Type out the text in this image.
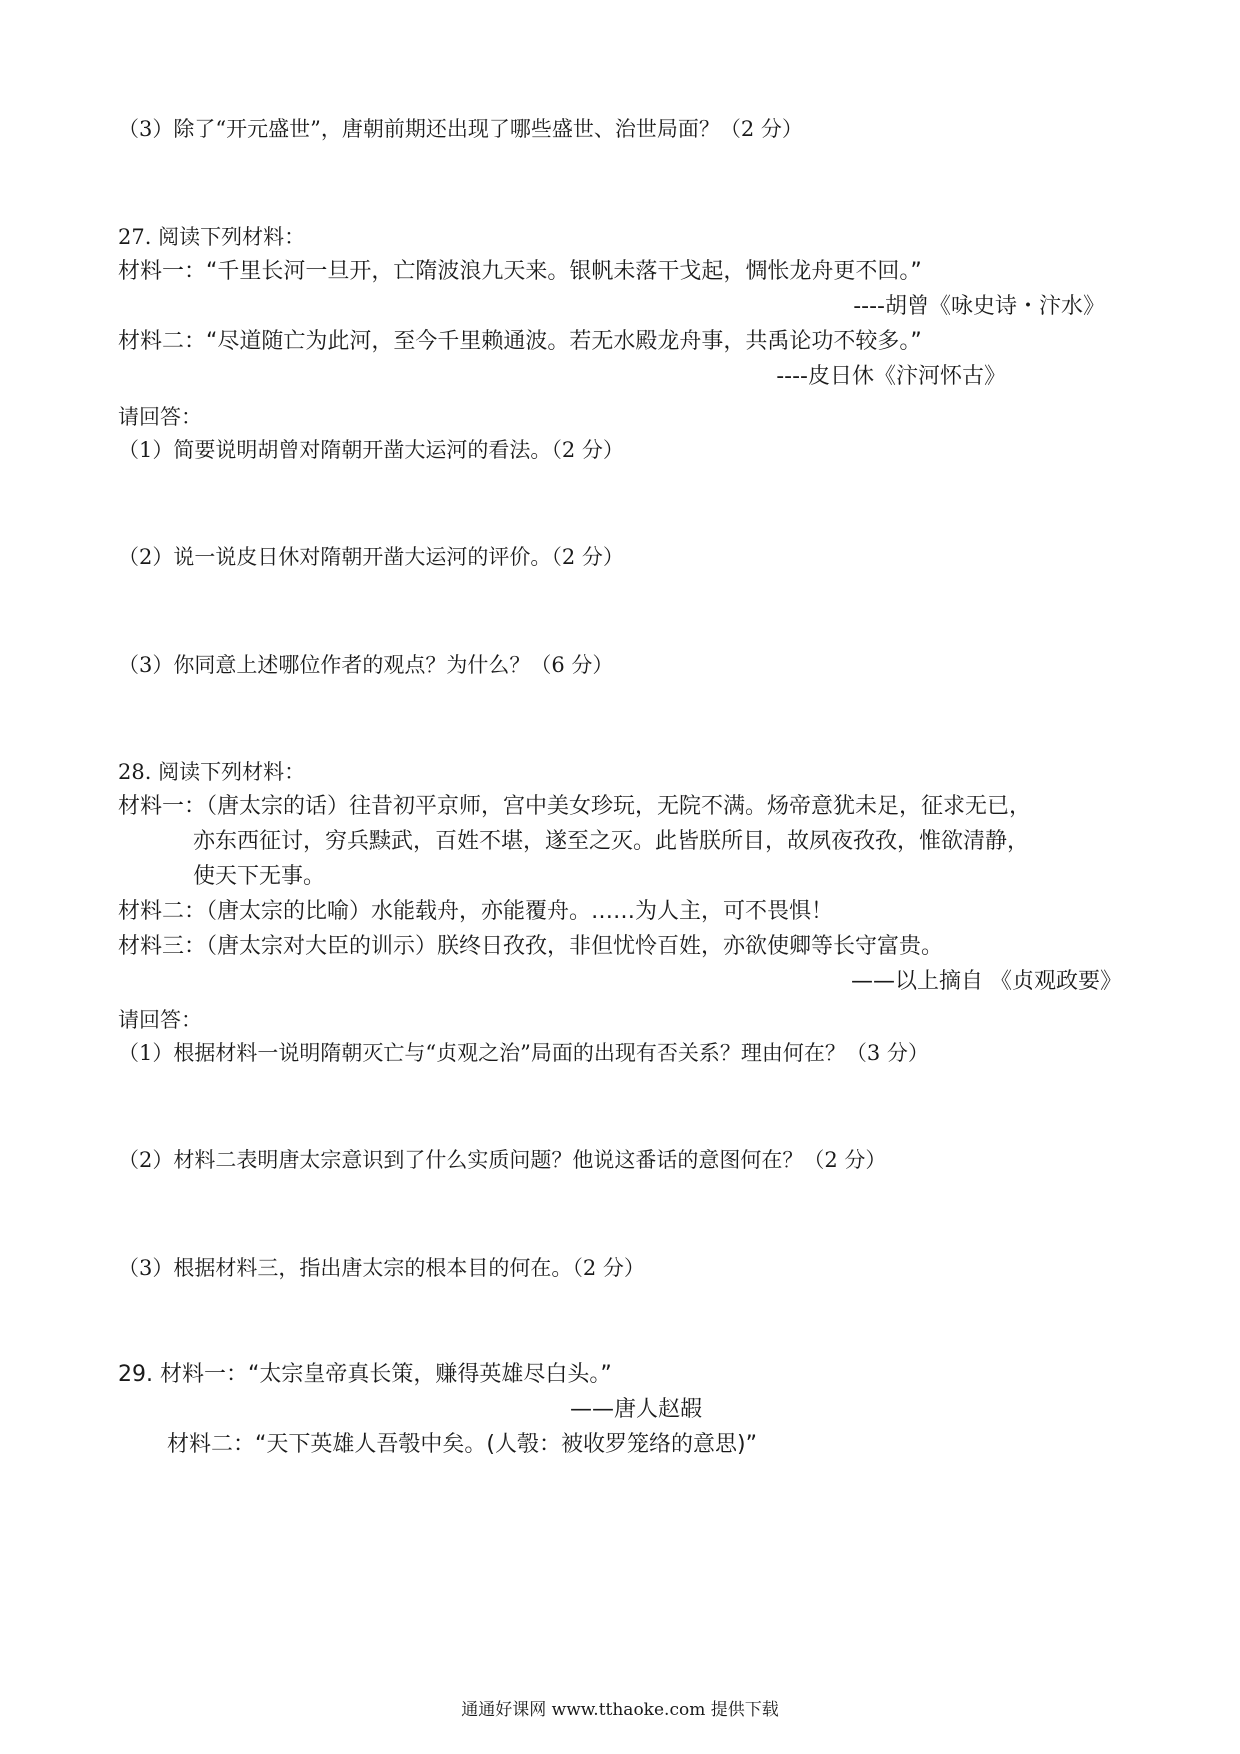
（3）除了“开元盛世”，唐朝前期还出现了哪些盛世、治世局面？（2 分）
27. 阅读下列材料：
材料一：“千里长河一旦开，亡隋波浪九天来。银帆未落干戈起，惆怅龙舟更不回。”
----胡曾《咏史诗・汴水》
材料二：“尽道随亡为此河，至今千里赖通波。若无水殿龙舟事，共禹论功不较多。”
----皮日休《汴河怀古》
请回答：
（1）简要说明胡曾对隋朝开凿大运河的看法。（2 分）
（2）说一说皮日休对隋朝开凿大运河的评价。（2 分）
（3）你同意上述哪位作者的观点？为什么？（6 分）
28. 阅读下列材料：
材料一：（唐太宗的话）往昔初平京师，宫中美女珍玩，无院不满。炀帝意犹未足，征求无已，
亦东西征讨，穷兵黩武，百姓不堪，遂至之灭。此皆朕所目，故夙夜孜孜，惟欲清静，
使天下无事。
材料二：（唐太宗的比喻）水能载舟，亦能覆舟。……为人主，可不畏惧！
材料三：（唐太宗对大臣的训示）朕终日孜孜，非但忧怜百姓，亦欲使卿等长守富贵。
——以上摘自 《贞观政要》
请回答：
（1）根据材料一说明隋朝灭亡与“贞观之治”局面的出现有否关系？理由何在？（3 分）
（2）材料二表明唐太宗意识到了什么实质问题？他说这番话的意图何在？（2 分）
（3）根据材料三，指出唐太宗的根本目的何在。（2 分）
29. 材料一：“太宗皇帝真长策，赚得英雄尽白头。”
——唐人赵嘏
材料二：“天下英雄人吾彀中矣。(人彀：被收罗笼络的意思)”
通通好课网 www.tthaoke.com 提供下载
